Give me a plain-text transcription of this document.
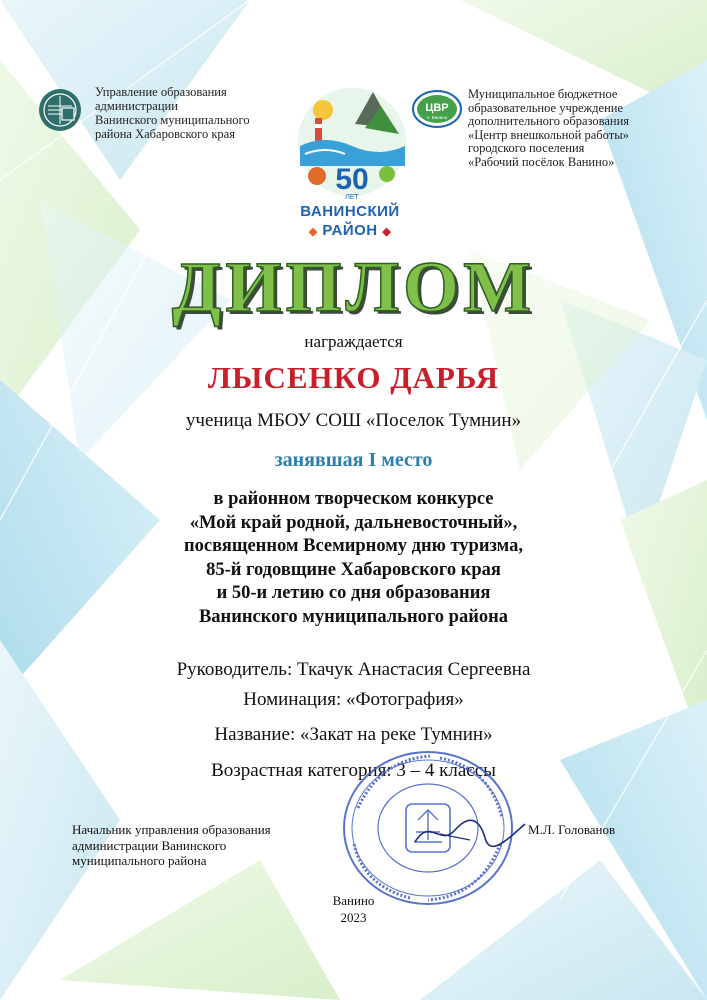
Управление образования
администрации
Ванинского муниципального
района Хабаровского края
50
ЛЕТ
ВАНИНСКИЙ
◆ РАЙОН ◆
ЦВР
п. Ванино
Муниципальное бюджетное
образовательное учреждение
дополнительного образования
«Центр внешкольной работы»
городского поселения
«Рабочий посёлок Ванино»
ДИПЛОМ
награждается
ЛЫСЕНКО ДАРЬЯ
ученица МБОУ СОШ «Поселок Тумнин»
занявшая I место
в районном творческом конкурсе
«Мой край родной, дальневосточный»,
посвященном Всемирному дню туризма,
85-й годовщине Хабаровского края
и 50-и летию со дня образования
Ванинского муниципального района
Руководитель: Ткачук Анастасия Сергеевна
Номинация: «Фотография»
Название: «Закат на реке Тумнин»
Возрастная категория: 3 – 4 классы
Начальник управления образования
администрации Ванинского
муниципального района
М.Л. Голованов
Ванино
2023
